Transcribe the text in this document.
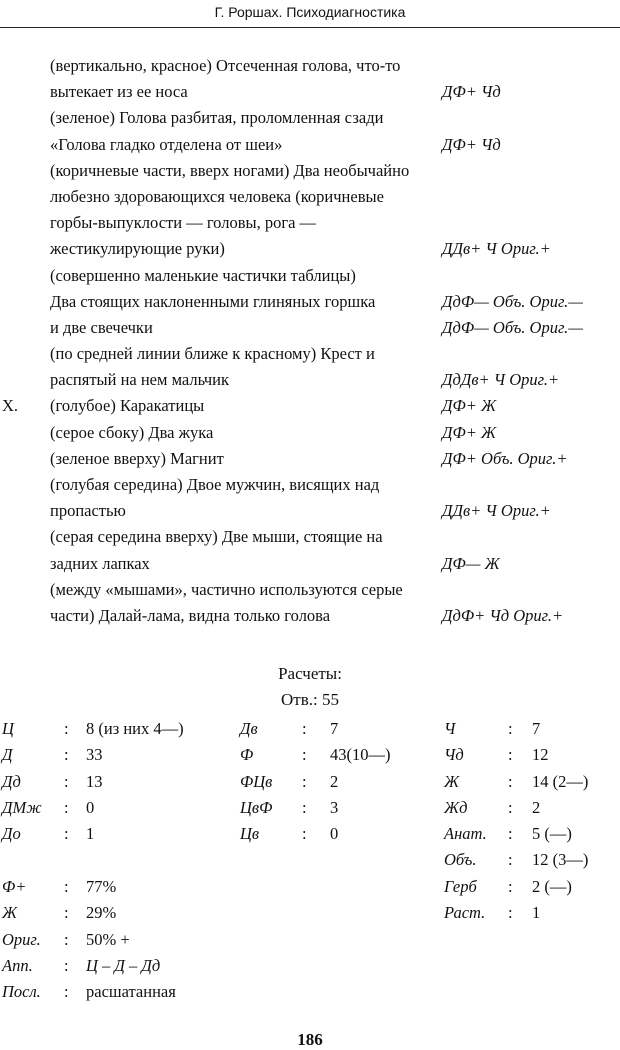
Г. Роршах. Психодиагностика
(вертикально, красное) Отсеченная голова, что-то
вытекает из ее носа	ДФ+ Чд
(зеленое) Голова разбитая, проломленная сзади
«Голова гладко отделена от шеи»	ДФ+ Чд
(коричневые части, вверх ногами) Два необычайно
любезно здоровающихся человека (коричневые
горбы-выпуклости — головы, рога —
жестикулирующие руки)	ДДв+ Ч Ориг.+
(совершенно маленькие частички таблицы)
Два стоящих наклоненными глиняных горшка	ДдФ— Объ. Ориг.—
и две свечечки	ДдФ— Объ. Ориг.—
(по средней линии ближе к красному) Крест и
распятый на нем мальчик	ДдДв+ Ч Ориг.+
X. (голубое) Каракатицы	ДФ+ Ж
(серое сбоку) Два жука	ДФ+ Ж
(зеленое вверху) Магнит	ДФ+ Объ. Ориг.+
(голубая середина) Двое мужчин, висящих над
пропастью	ДДв+ Ч Ориг.+
(серая середина вверху) Две мыши, стоящие на
задних лапках	ДФ— Ж
(между «мышами», частично используются серые
части) Далай-лама, видна только голова	ДдФ+ Чд Ориг.+
Расчеты:
Отв.: 55
Ц	: 8 (из них 4—)	Дв	: 7	Ч	: 7
Д	: 33	Ф	: 43(10—)	Чд	: 12
Дд	: 13	ФЦв : 2	Ж	: 14 (2—)
ДМж : 0	ЦвФ : 3	Жд : 2
До	: 1	Цв	: 0	Анат. : 5 (—)
Объ. : 12 (3—)
Ф+ : 77%	Герб : 2 (—)
Ж	: 29%	Раст. : 1
Ориг. : 50% +
Апп. : Ц – Д – Дд
Посл. : расшатанная
186
